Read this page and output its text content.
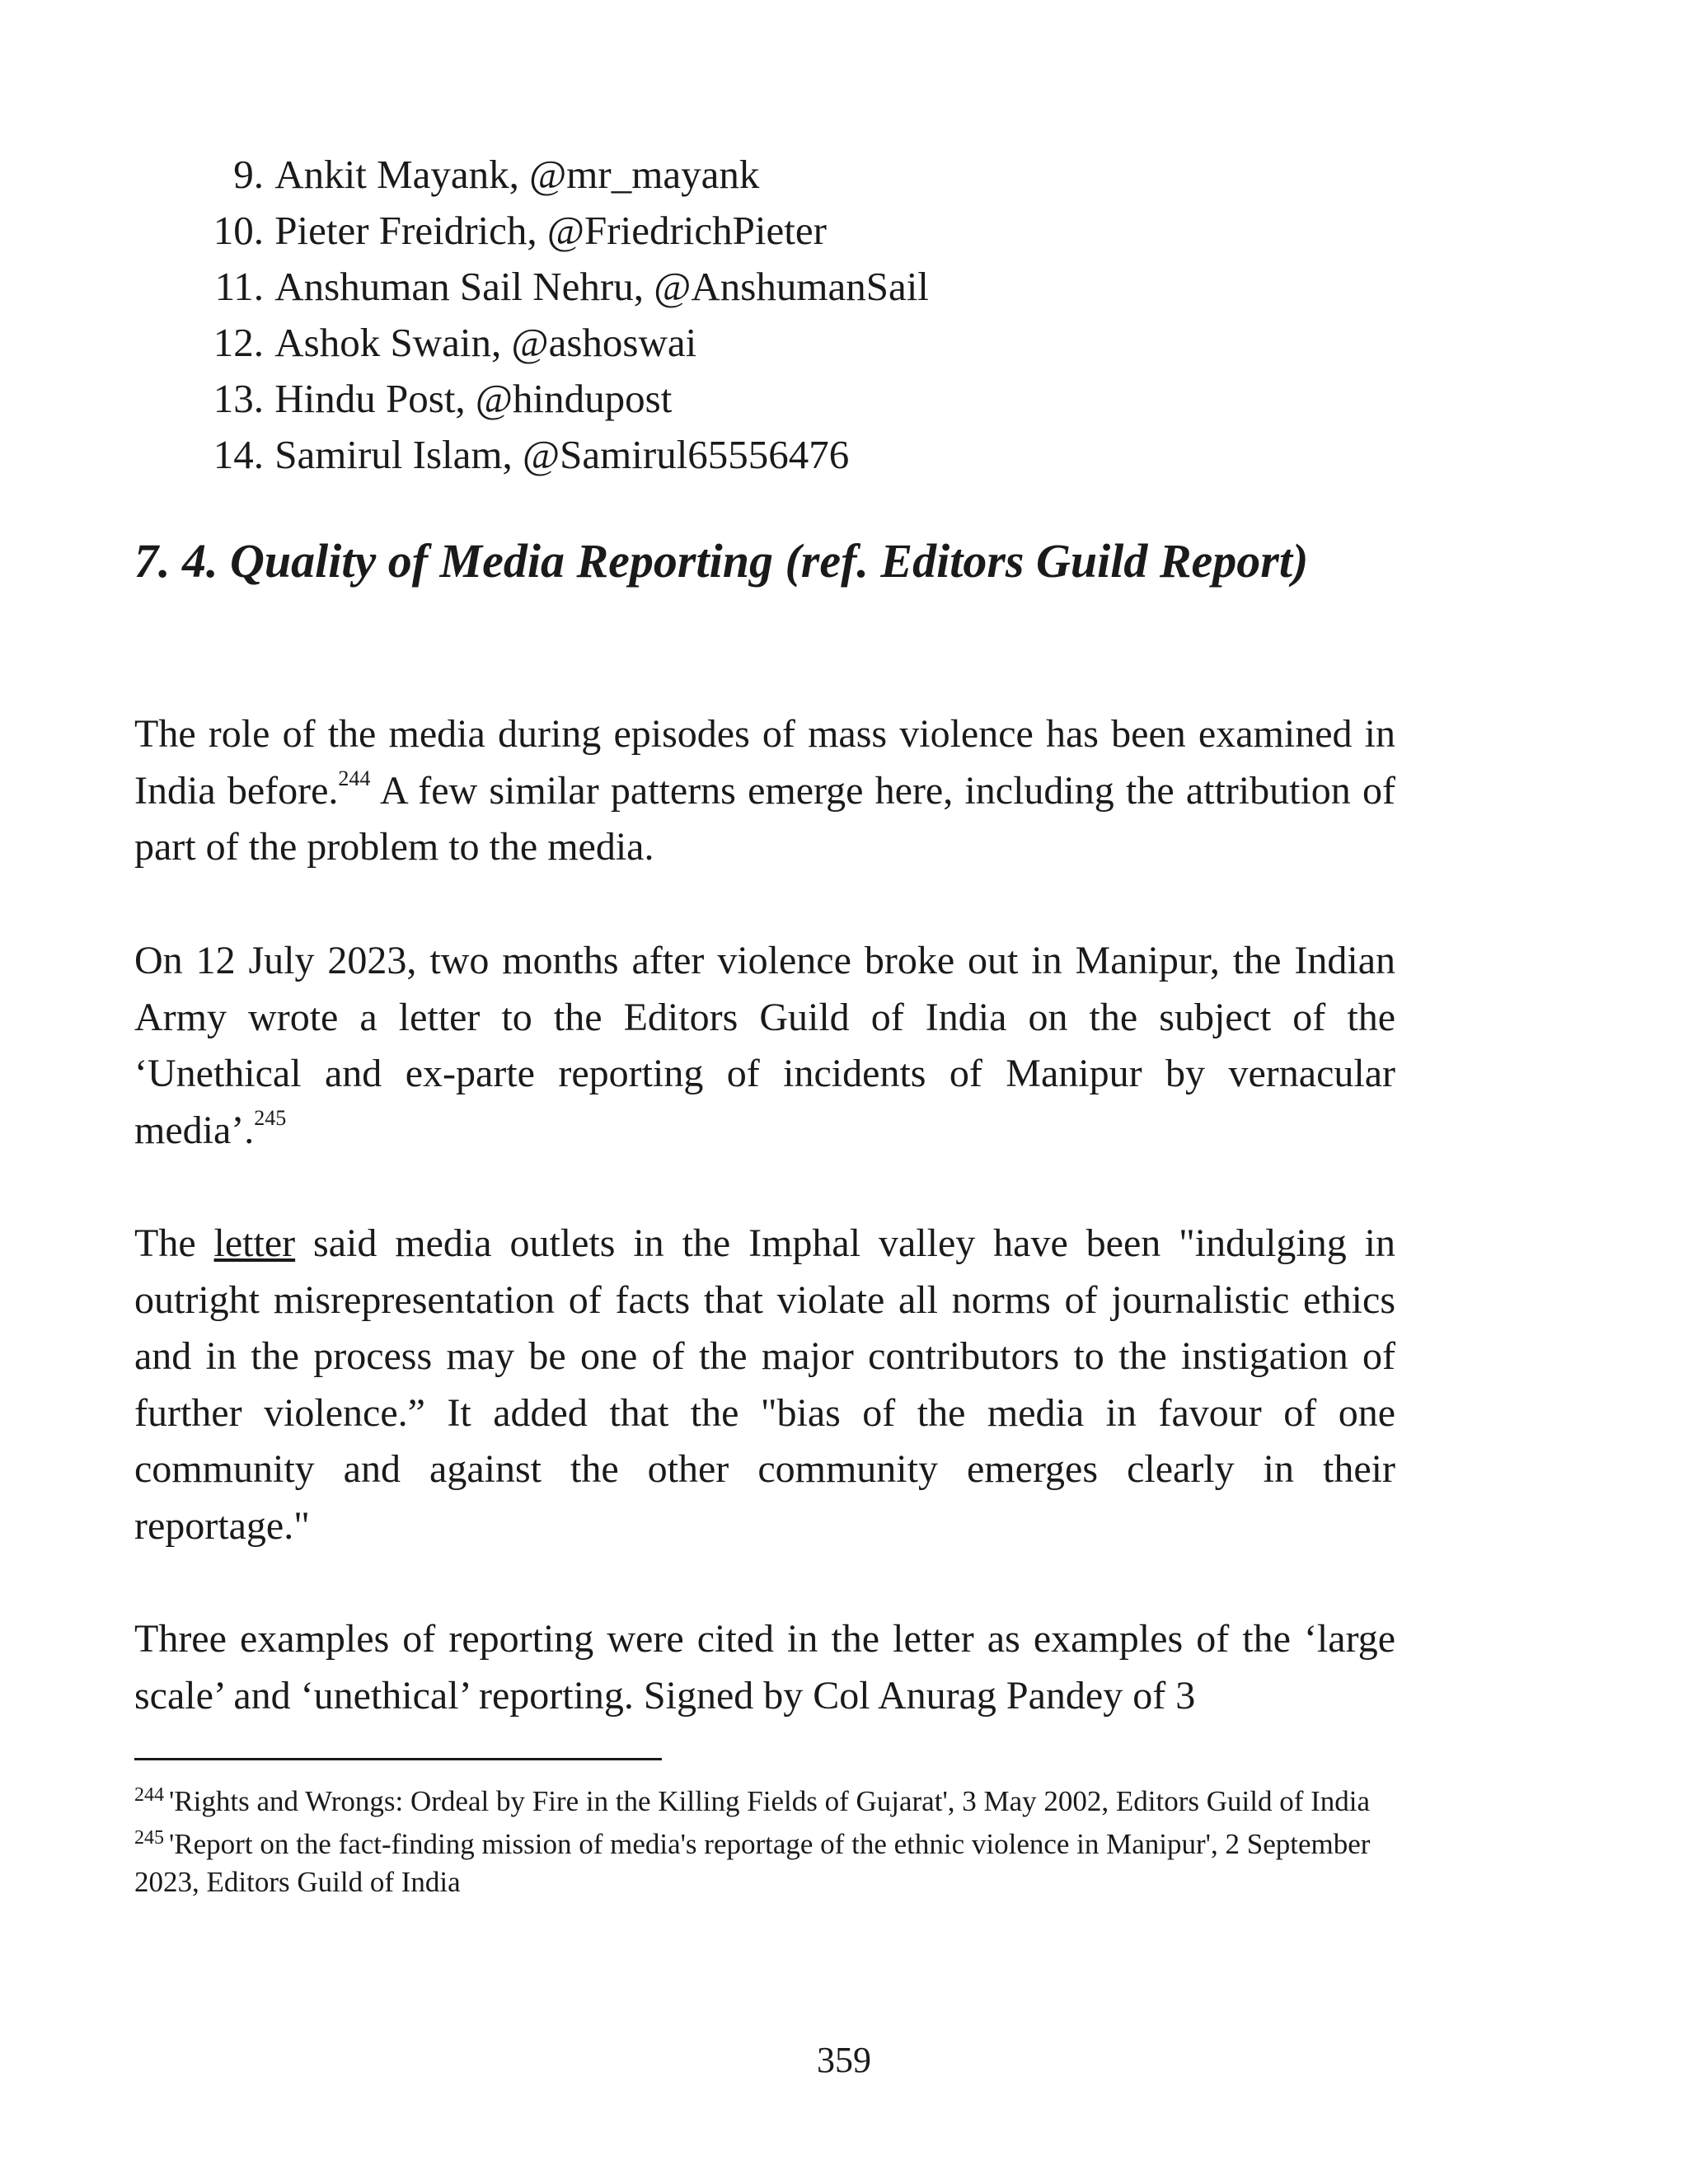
9. Ankit Mayank, @mr_mayank
10. Pieter Freidrich, @FriedrichPieter
11. Anshuman Sail Nehru, @AnshumanSail
12. Ashok Swain, @ashoswai
13. Hindu Post, @hindupost
14. Samirul Islam, @Samirul65556476
7. 4. Quality of Media Reporting (ref. Editors Guild Report)

The role of the media during episodes of mass violence has been examined in India before.$^{244}$ A few similar patterns emerge here, including the attribution of part of the problem to the media.

On 12 July 2023, two months after violence broke out in Manipur, the Indian Army wrote a letter to the Editors Guild of India on the subject of the ‘Unethical and ex-parte reporting of incidents of Manipur by vernacular media’.$^{245}$

The letter said media outlets in the Imphal valley have been "indulging in outright misrepresentation of facts that violate all norms of journalistic ethics and in the process may be one of the major contributors to the instigation of further violence.” It added that the "bias of the media in favour of one community and against the other community emerges clearly in their reportage."

Three examples of reporting were cited in the letter as examples of the ‘large scale’ and ‘unethical’ reporting. Signed by Col Anurag Pandey of 3

$^{244}$ 'Rights and Wrongs: Ordeal by Fire in the Killing Fields of Gujarat', 3 May 2002, Editors Guild of India

$^{245}$ 'Report on the fact-finding mission of media's reportage of the ethnic violence in Manipur', 2 September 2023, Editors Guild of India

359
